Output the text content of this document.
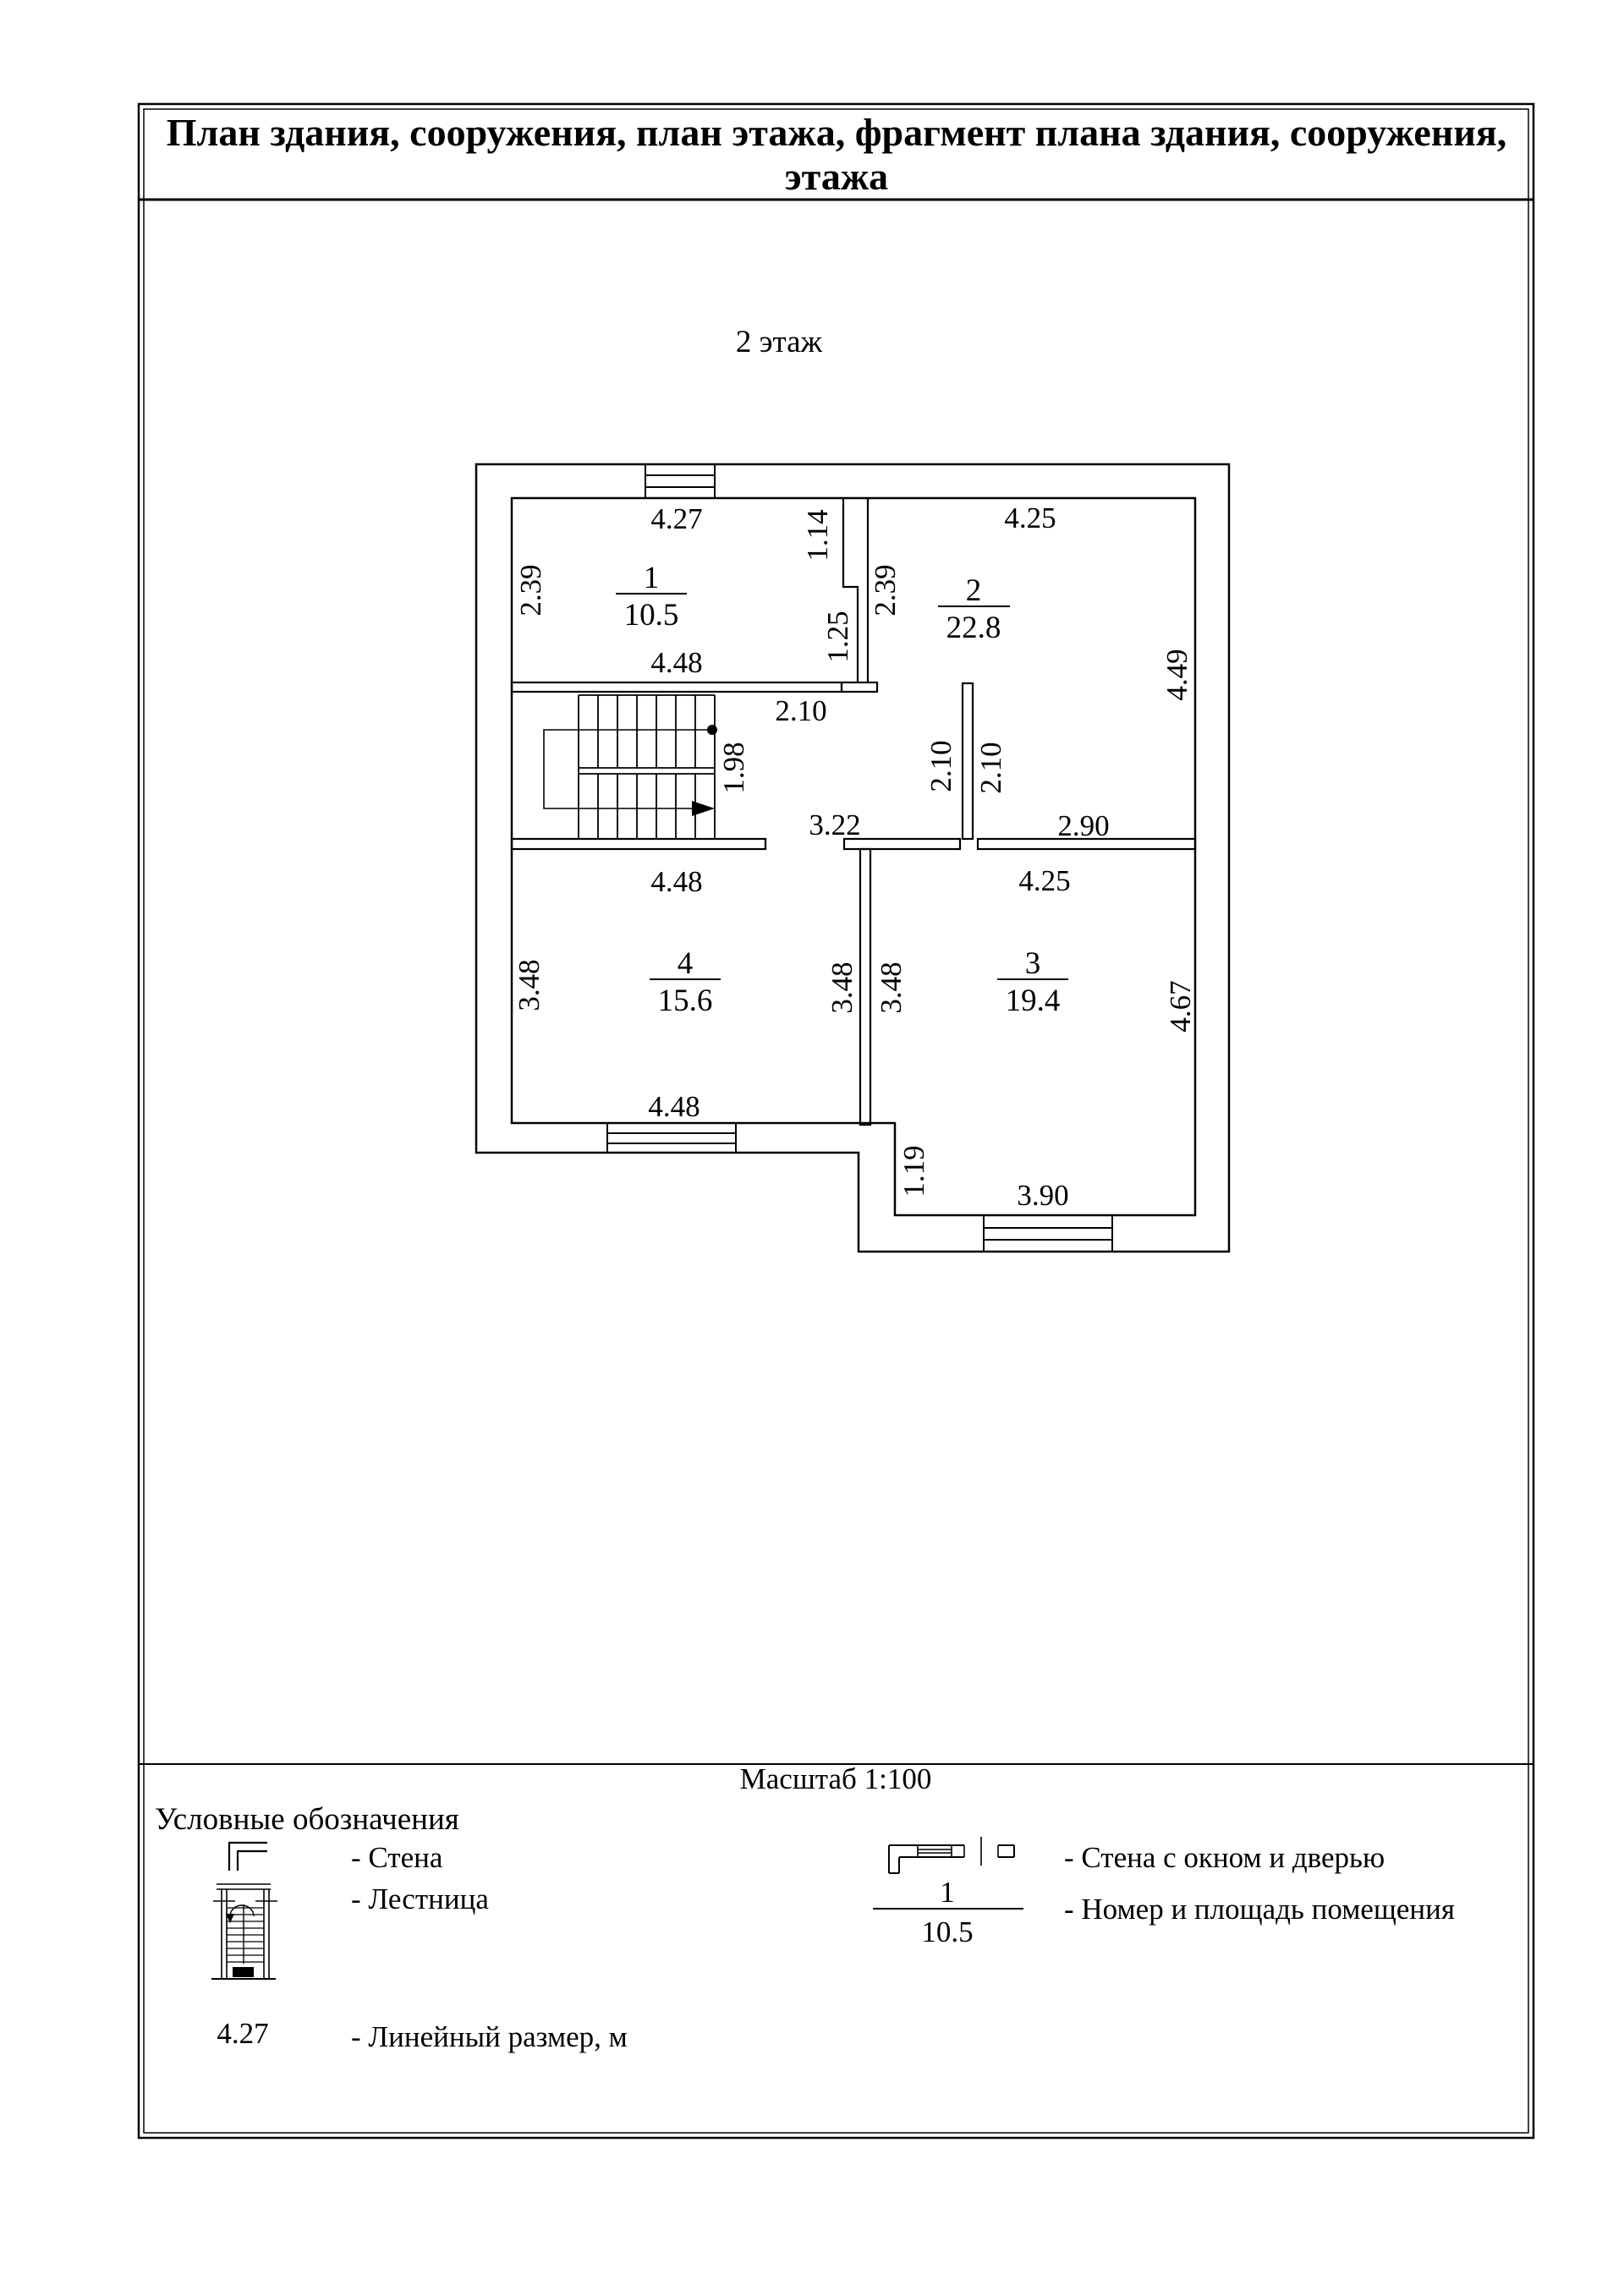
План здания, сооружения, план этажа, фрагмент плана здания, сооружения,
этажа
2 этаж
4.27	4.25
4.48
2.10
3.22	2.90
4.48	4.25
4.48
3.90
2.39
1.14
1.25
2.39
4.49
1.98	2.10 2.10
3.48	3.48 3.48	4.67
1.19
1
10.5
2
22.8
4
15.6
3
19.4
Масштаб 1:100
Условные обозначения
- Стена	- Стена с окном и дверью
- Лестница	1
10.5
- Номер и площадь помещения
4.27	- Линейный размер, м
